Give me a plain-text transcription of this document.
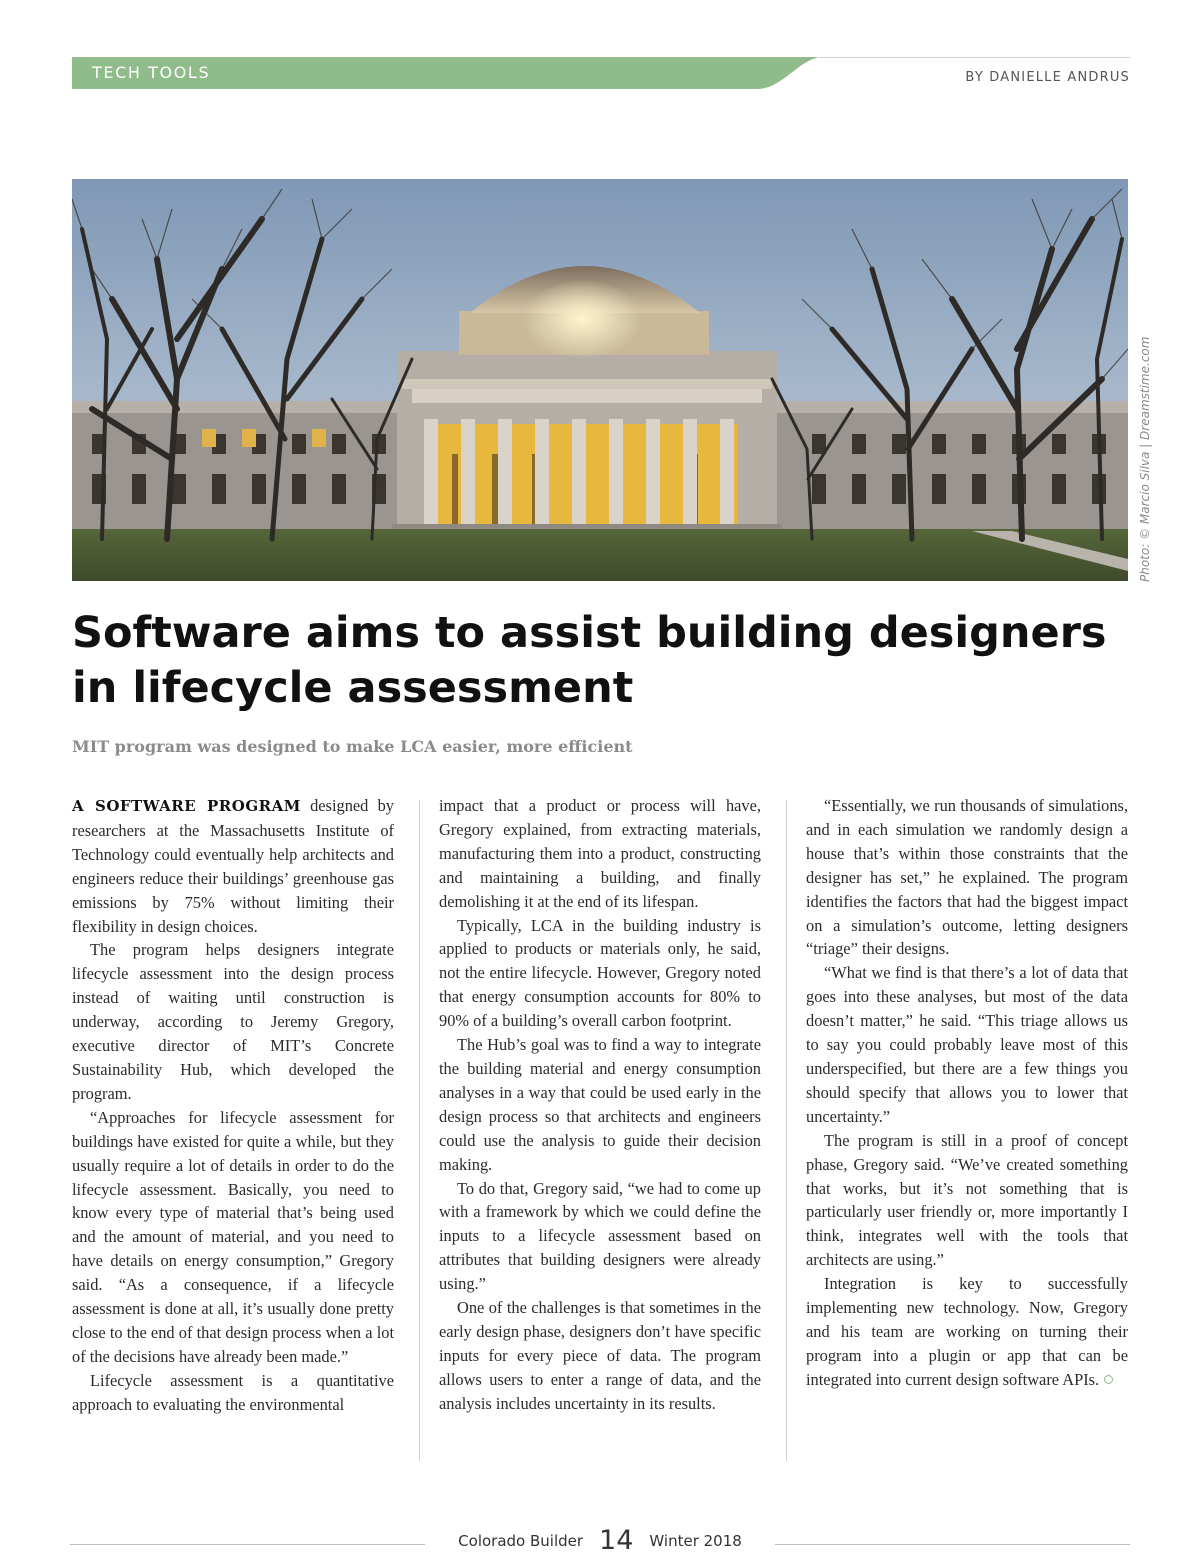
TECH TOOLS	BY DANIELLE ANDRUS
Photo: © Marcio Silva | Dreamstime.com
Software aims to assist building designers in lifecycle assessment
MIT program was designed to make LCA easier, more efficient

A SOFTWARE PROGRAM designed by researchers at the Massachusetts Institute of Technology could eventually help architects and engineers reduce their buildings’ greenhouse gas emissions by 75% without limiting their flexibility in design choices.

The program helps designers integrate lifecycle assessment into the design process instead of waiting until construction is underway, according to Jeremy Gregory, executive director of MIT’s Concrete Sustainability Hub, which developed the program.

“Approaches for lifecycle assessment for buildings have existed for quite a while, but they usually require a lot of details in order to do the lifecycle assessment. Basically, you need to know every type of material that’s being used and the amount of material, and you need to have details on energy consumption,” Gregory said. “As a consequence, if a lifecycle assessment is done at all, it’s usually done pretty close to the end of that design process when a lot of the decisions have already been made.”

Lifecycle assessment is a quantitative approach to evaluating the environmental

impact that a product or process will have, Gregory explained, from extracting materials, manufacturing them into a product, constructing and maintaining a building, and finally demolishing it at the end of its lifespan.

Typically, LCA in the building industry is applied to products or materials only, he said, not the entire lifecycle. However, Gregory noted that energy consumption accounts for 80% to 90% of a building’s overall carbon footprint.

The Hub’s goal was to find a way to integrate the building material and energy consumption analyses in a way that could be used early in the design process so that architects and engineers could use the analysis to guide their decision making.

To do that, Gregory said, “we had to come up with a framework by which we could define the inputs to a lifecycle assessment based on attributes that building designers were already using.”

One of the challenges is that sometimes in the early design phase, designers don’t have specific inputs for every piece of data. The program allows users to enter a range of data, and the analysis includes uncertainty in its results.

“Essentially, we run thousands of simulations, and in each simulation we randomly design a house that’s within those constraints that the designer has set,” he explained. The program identifies the factors that had the biggest impact on a simulation’s outcome, letting designers “triage” their designs.

“What we find is that there’s a lot of data that goes into these analyses, but most of the data doesn’t matter,” he said. “This triage allows us to say you could probably leave most of this underspecified, but there are a few things you should specify that allows you to lower that uncertainty.”

The program is still in a proof of concept phase, Gregory said. “We’ve created something that works, but it’s not something that is particularly user friendly or, more importantly I think, integrates well with the tools that architects are using.”

Integration is key to successfully implementing new technology. Now, Gregory and his team are working on turning their program into a plugin or app that can be integrated into current design software APIs.

Colorado Builder 14 Winter 2018
